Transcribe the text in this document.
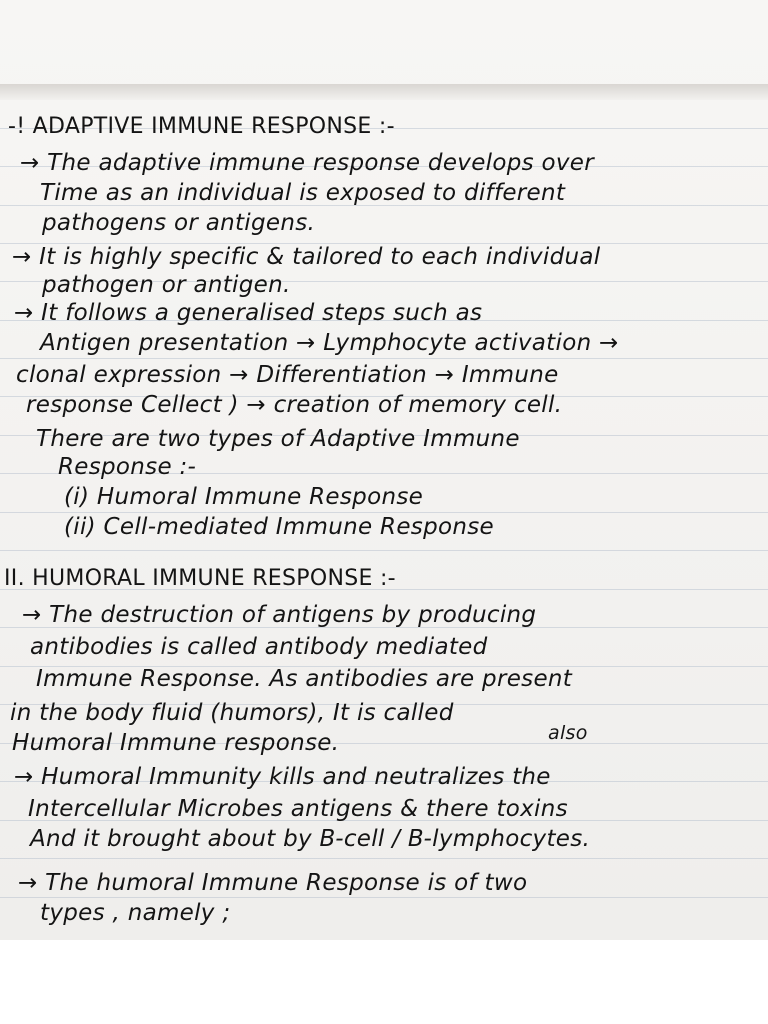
-! ADAPTIVE IMMUNE RESPONSE :-
→ The adaptive immune response develops over
Time as an individual is exposed to different
pathogens or antigens.
→ It is highly specific & tailored to each individual
pathogen or antigen.
→ It follows a generalised steps such as
Antigen presentation → Lymphocyte activation →
clonal expression → Differentiation → Immune
response Cellect ) → creation of memory cell.
There are two types of Adaptive Immune
Response :-
(i) Humoral Immune Response
(ii) Cell-mediated Immune Response
II. HUMORAL IMMUNE RESPONSE :-
→ The destruction of antigens by producing
antibodies is called antibody mediated
Immune Response. As antibodies are present
in the body fluid (humors), It is called
Humoral Immune response.	also
→ Humoral Immunity kills and neutralizes the
Intercellular Microbes antigens & there toxins
And it brought about by B-cell / B-lymphocytes.
→ The humoral Immune Response is of two
types , namely ;
